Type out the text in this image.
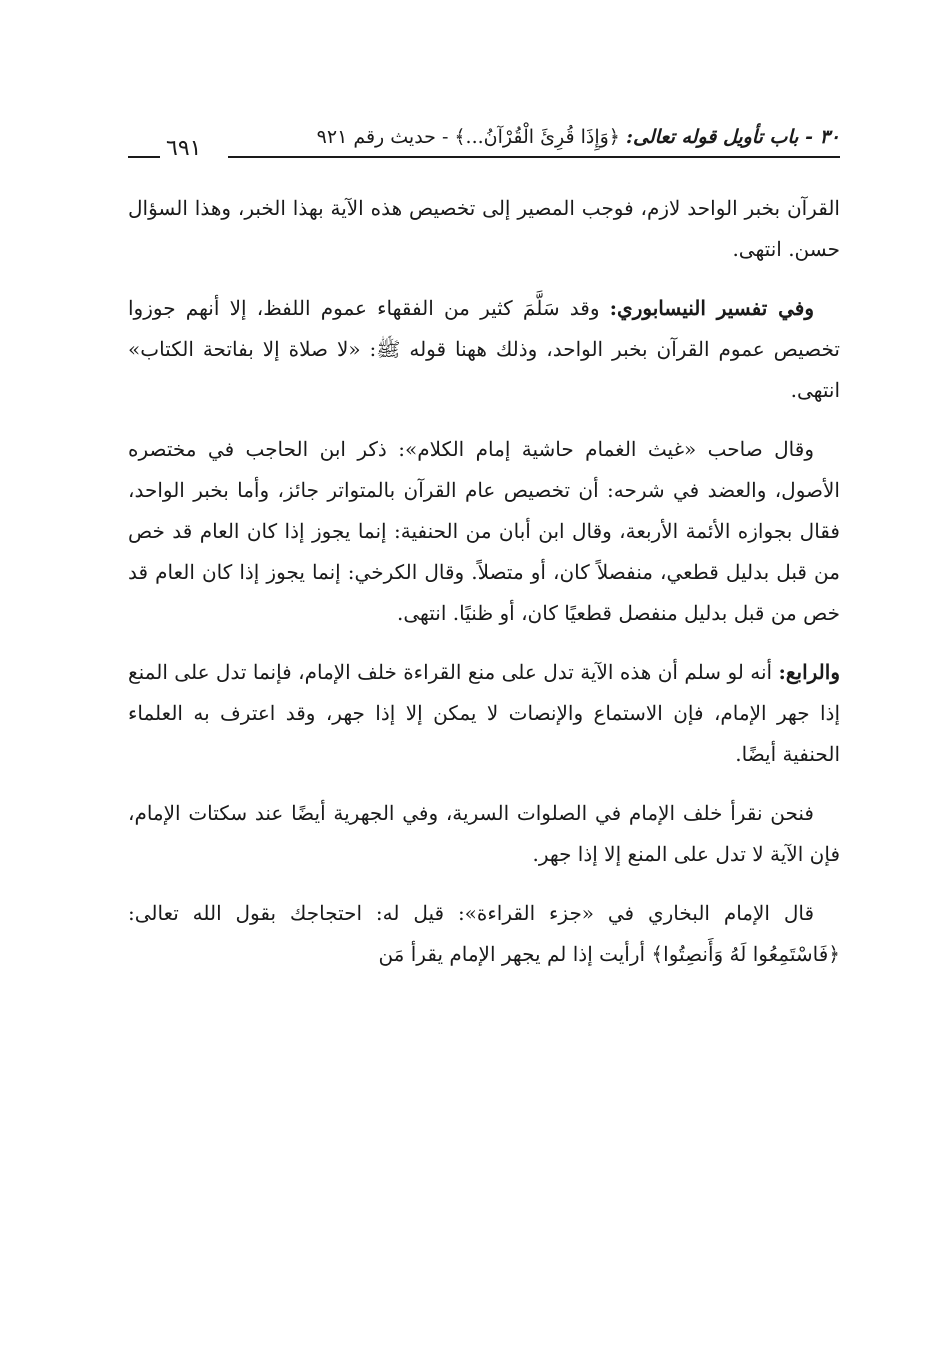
٣٠ - باب تأويل قوله تعالى: ﴿وَإِذَا قُرِئَ الْقُرْآنُ...﴾ - حديث رقم ٩٢١
٦٩١

القرآن بخبر الواحد لازم، فوجب المصير إلى تخصيص هذه الآية بهذا الخبر، وهذا السؤال حسن. انتهى.

وفي تفسير النيسابوري: وقد سَلَّمَ كثير من الفقهاء عموم اللفظ، إلا أنهم جوزوا تخصيص عموم القرآن بخبر الواحد، وذلك ههنا قوله ﷺ: «لا صلاة إلا بفاتحة الكتاب» انتهى.

وقال صاحب «غيث الغمام حاشية إمام الكلام»: ذكر ابن الحاجب في مختصره الأصول، والعضد في شرحه: أن تخصيص عام القرآن بالمتواتر جائز، وأما بخبر الواحد، فقال بجوازه الأئمة الأربعة، وقال ابن أبان من الحنفية: إنما يجوز إذا كان العام قد خص من قبل بدليل قطعي، منفصلاً كان، أو متصلاً. وقال الكرخي: إنما يجوز إذا كان العام قد خص من قبل بدليل منفصل قطعيًا كان، أو ظنيًا. انتهى.

والرابع: أنه لو سلم أن هذه الآية تدل على منع القراءة خلف الإمام، فإنما تدل على المنع إذا جهر الإمام، فإن الاستماع والإنصات لا يمكن إلا إذا جهر، وقد اعترف به العلماء الحنفية أيضًا.

فنحن نقرأ خلف الإمام في الصلوات السرية، وفي الجهرية أيضًا عند سكتات الإمام، فإن الآية لا تدل على المنع إلا إذا جهر.

قال الإمام البخاري في «جزء القراءة»: قيل له: احتجاجك بقول الله تعالى: ﴿فَاسْتَمِعُوا لَهُ وَأَنصِتُوا﴾ أرأيت إذا لم يجهر الإمام يقرأ مَن
